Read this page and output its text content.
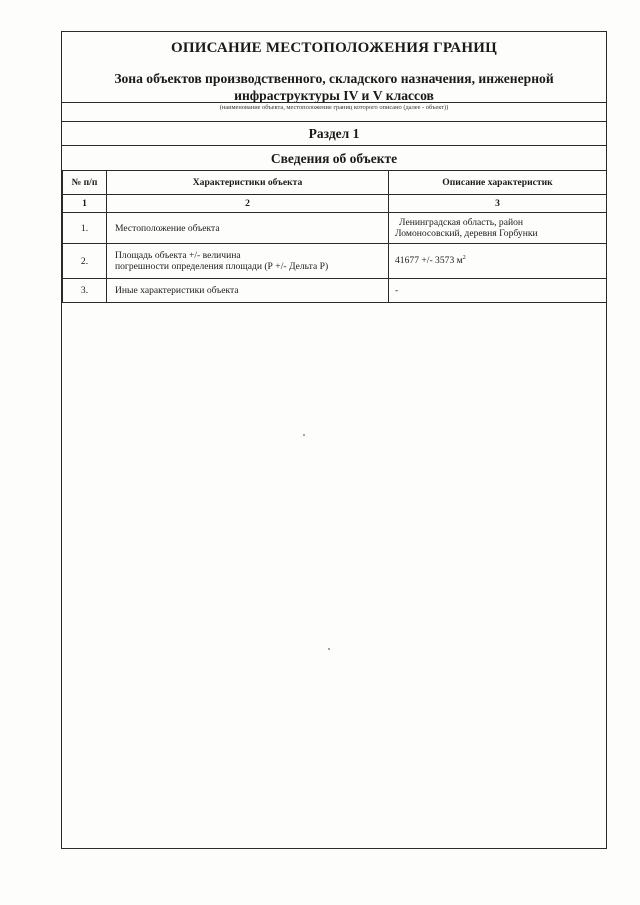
ОПИСАНИЕ МЕСТОПОЛОЖЕНИЯ ГРАНИЦ
Зона объектов производственного, складского назначения, инженерной
инфраструктуры IV и V классов
(наименование объекта, местоположение границ которого описано (далее - объект))
Раздел 1
Сведения об объекте
№ п/п	Характеристики объекта	Описание характеристик
1	2	3
1.	Местоположение объекта	Ленинградская область, район
Ломоносовский, деревня Горбунки

2.	Площадь объекта +/- величина
погрешности определения площади (Р +/- Дельта Р)	41677 +/- 3573 $м^2$
3.	Иные характеристики объекта	-
